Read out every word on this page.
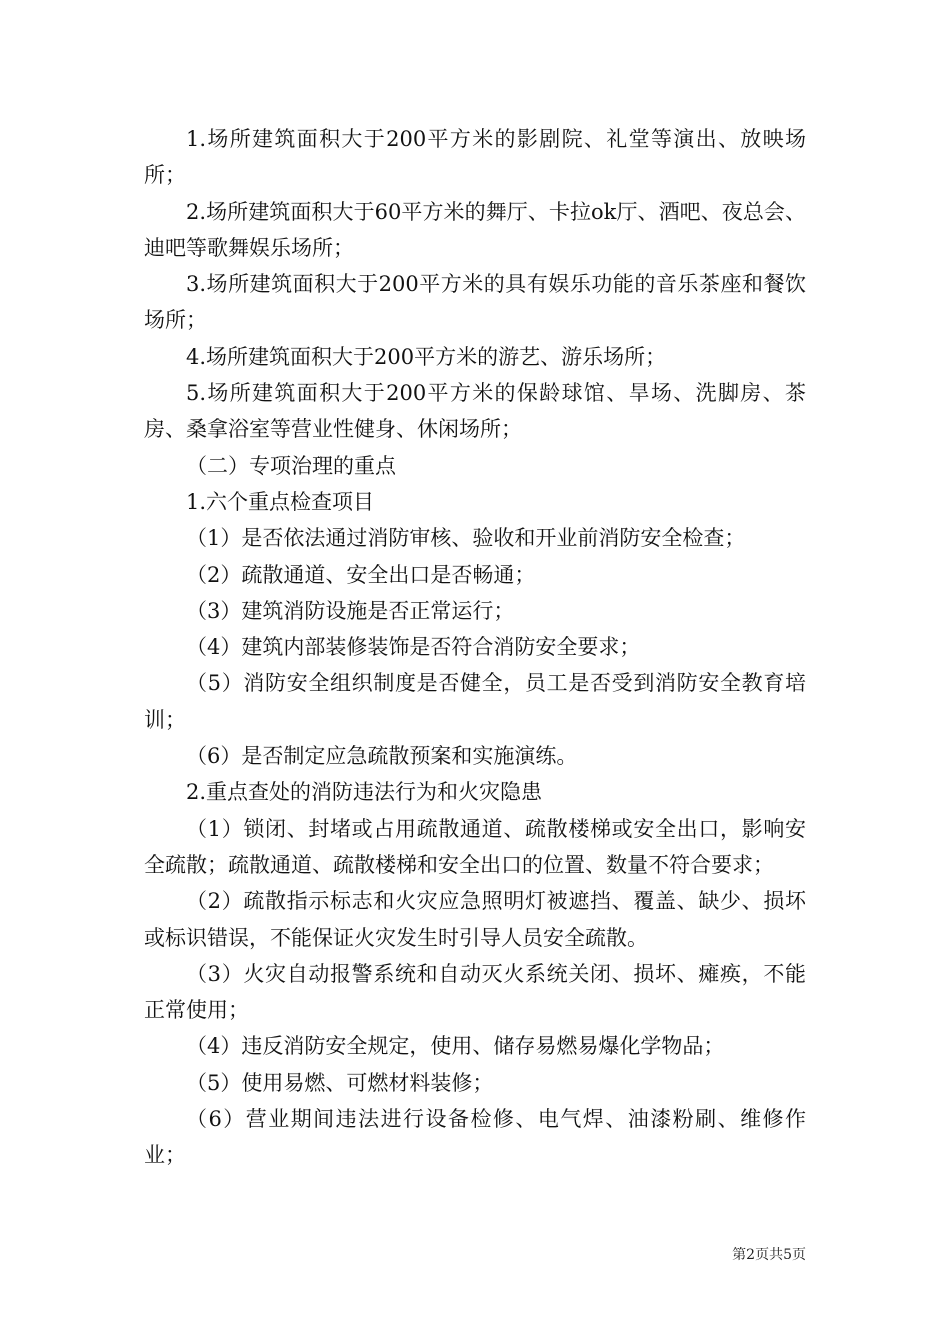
1.场所建筑面积大于200平方米的影剧院、礼堂等演出、放映场所；

2.场所建筑面积大于60平方米的舞厅、卡拉ok厅、酒吧、夜总会、迪吧等歌舞娱乐场所；

3.场所建筑面积大于200平方米的具有娱乐功能的音乐茶座和餐饮场所；

4.场所建筑面积大于200平方米的游艺、游乐场所；

5.场所建筑面积大于200平方米的保龄球馆、旱场、洗脚房、茶房、桑拿浴室等营业性健身、休闲场所；

（二）专项治理的重点

1.六个重点检查项目

（1）是否依法通过消防审核、验收和开业前消防安全检查；

（2）疏散通道、安全出口是否畅通；

（3）建筑消防设施是否正常运行；

（4）建筑内部装修装饰是否符合消防安全要求；

（5）消防安全组织制度是否健全，员工是否受到消防安全教育培训；

（6）是否制定应急疏散预案和实施演练。

2.重点查处的消防违法行为和火灾隐患

（1）锁闭、封堵或占用疏散通道、疏散楼梯或安全出口，影响安全疏散；疏散通道、疏散楼梯和安全出口的位置、数量不符合要求；

（2）疏散指示标志和火灾应急照明灯被遮挡、覆盖、缺少、损坏或标识错误，不能保证火灾发生时引导人员安全疏散。

（3）火灾自动报警系统和自动灭火系统关闭、损坏、瘫痪，不能正常使用；

（4）违反消防安全规定，使用、储存易燃易爆化学物品；

（5）使用易燃、可燃材料装修；

（6）营业期间违法进行设备检修、电气焊、油漆粉刷、维修作业；

第2页共5页
